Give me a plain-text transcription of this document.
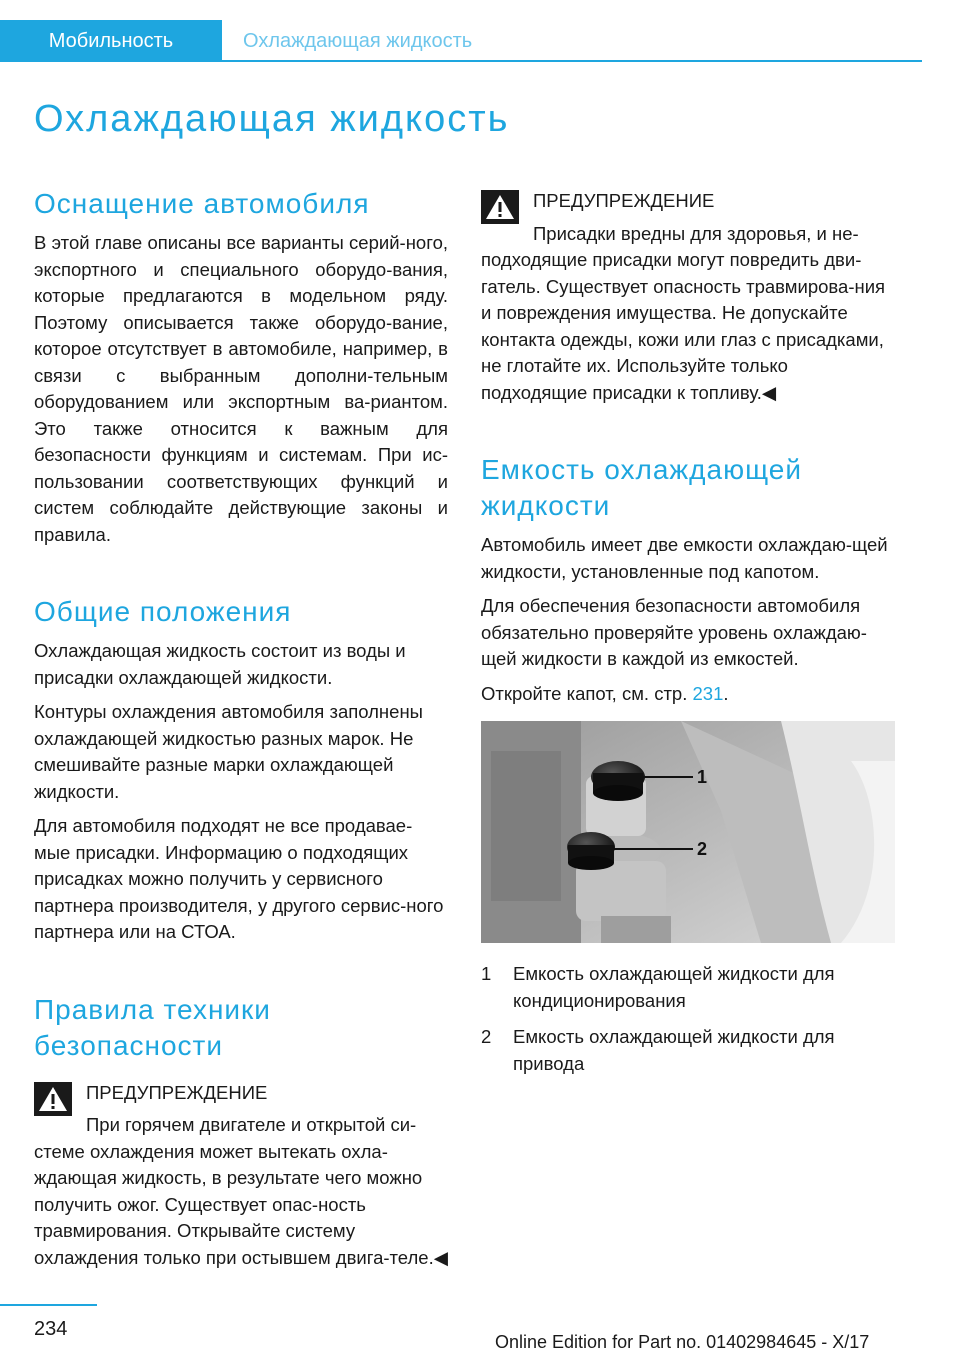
Мобильность	Охлаждающая жидкость
Охлаждающая жидкость
Оснащение автомобиля

В этой главе описаны все варианты серий-ного, экспортного и специального оборудо-вания, которые предлагаются в модельном ряду. Поэтому описывается также оборудо-вание, которое отсутствует в автомобиле, например, в связи с выбранным дополни-тельным оборудованием или экспортным ва-риантом. Это также относится к важным для безопасности функциям и системам. При ис-пользовании соответствующих функций и систем соблюдайте действующие законы и правила.

Общие положения

Охлаждающая жидкость состоит из воды и присадки охлаждающей жидкости.

Контуры охлаждения автомобиля заполнены охлаждающей жидкостью разных марок. Не смешивайте разные марки охлаждающей жидкости.

Для автомобиля подходят не все продавае-мые присадки. Информацию о подходящих присадках можно получить у сервисного партнера производителя, у другого сервис-ного партнера или на СТОА.

Правила техники безопасности
ПРЕДУПРЕЖДЕНИЕ

При горячем двигателе и открытой си-стеме охлаждения может вытекать охла-ждающая жидкость, в результате чего можно получить ожог. Существует опас-ность травмирования. Открывайте систему охлаждения только при остывшем двига-теле.◀

ПРЕДУПРЕЖДЕНИЕ

Присадки вредны для здоровья, и не-подходящие присадки могут повредить дви-гатель. Существует опасность травмирова-ния и повреждения имущества. Не допускайте контакта одежды, кожи или глаз с присадками, не глотайте их. Используйте только подходящие присадки к топливу.◀

Емкость охлаждающей жидкости

Автомобиль имеет две емкости охлаждаю-щей жидкости, установленные под капотом.

Для обеспечения безопасности автомобиля обязательно проверяйте уровень охлаждаю-щей жидкости в каждой из емкостей.

Откройте капот, см. стр. 231.

1
2
1	Емкость охлаждающей жидкости для кондиционирования
2	Емкость охлаждающей жидкости для привода
234
Online Edition for Part no. 01402984645 - X/17
